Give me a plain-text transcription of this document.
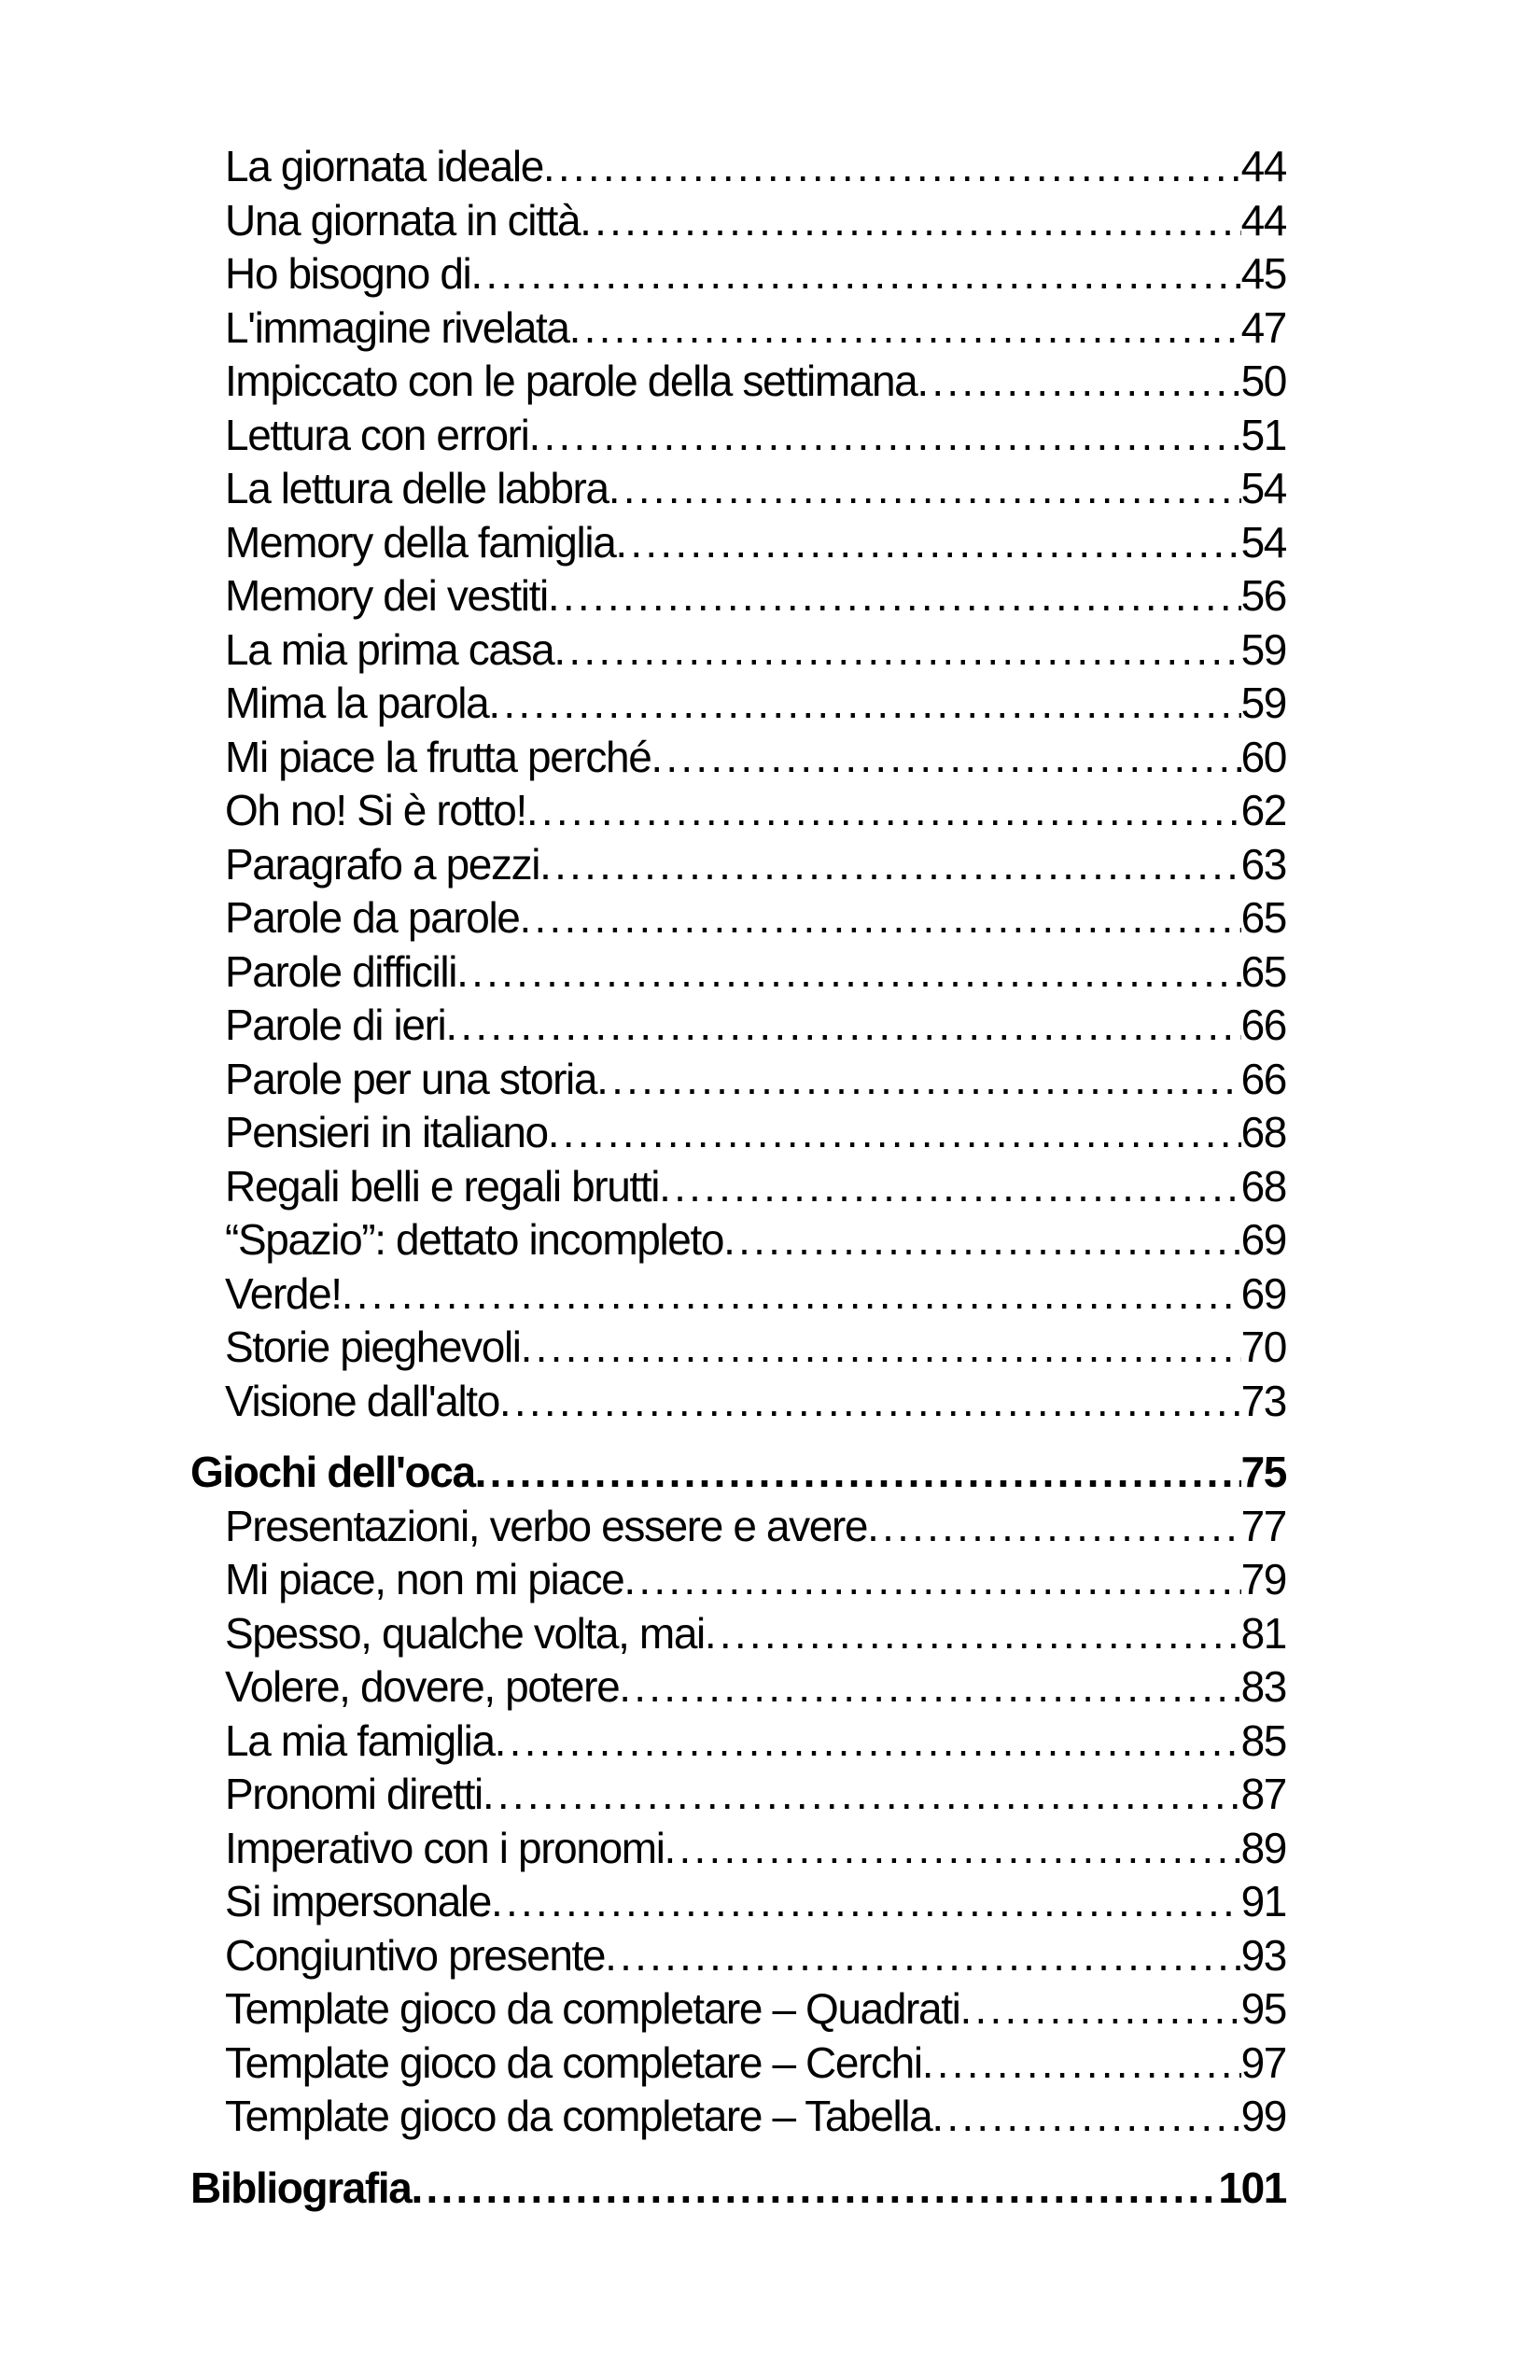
La giornata ideale .....	44
Una giornata in città .....	44
Ho bisogno di .....	45
L'immagine rivelata .....	47
Impiccato con le parole della settimana .....	50
Lettura con errori .....	51
La lettura delle labbra .....	54
Memory della famiglia .....	54
Memory dei vestiti .....	56
La mia prima casa .....	59
Mima la parola .....	59
Mi piace la frutta perché .....	60
Oh no! Si è rotto! .....	62
Paragrafo a pezzi .....	63
Parole da parole .....	65
Parole difficili .....	65
Parole di ieri .....	66
Parole per una storia .....	66
Pensieri in italiano .....	68
Regali belli e regali brutti .....	68
“Spazio”: dettato incompleto .....	69
Verde! .....	69
Storie pieghevoli .....	70
Visione dall'alto .....	73
Giochi dell'oca .....	75
Presentazioni, verbo essere e avere .....	77
Mi piace, non mi piace .....	79
Spesso, qualche volta, mai .....	81
Volere, dovere, potere .....	83
La mia famiglia .....	85
Pronomi diretti .....	87
Imperativo con i pronomi .....	89
Si impersonale .....	91
Congiuntivo presente .....	93
Template gioco da completare – Quadrati .....	95
Template gioco da completare – Cerchi .....	97
Template gioco da completare – Tabella .....	99
Bibliografia .....	101
